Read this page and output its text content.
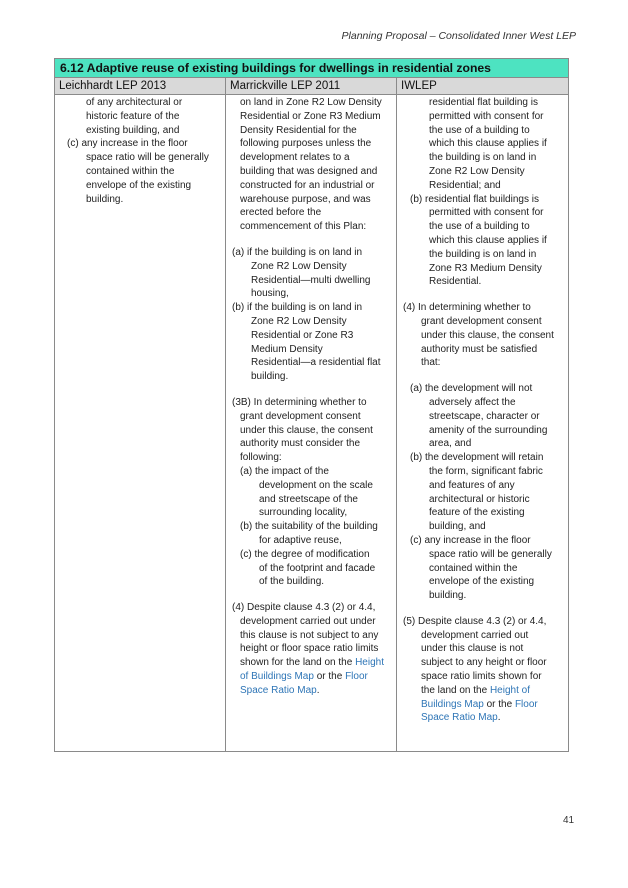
Planning Proposal – Consolidated Inner West LEP
6.12 Adaptive reuse of existing buildings for dwellings in residential zones
Leichhardt LEP 2013	Marrickville LEP 2011	IWLEP
of any architectural or
historic feature of the
existing building, and
(c) any increase in the floor
space ratio will be generally
contained within the
envelope of the existing
building.
on land in Zone R2 Low Density
Residential or Zone R3 Medium
Density Residential for the
following purposes unless the
development relates to a
building that was designed and
constructed for an industrial or
warehouse purpose, and was
erected before the
commencement of this Plan:
(a) if the building is on land in
Zone R2 Low Density
Residential—multi dwelling
housing,
(b) if the building is on land in
Zone R2 Low Density
Residential or Zone R3
Medium Density
Residential—a residential flat
building.
(3B) In determining whether to
grant development consent
under this clause, the consent
authority must consider the
following:
(a) the impact of the
development on the scale
and streetscape of the
surrounding locality,
(b) the suitability of the building
for adaptive reuse,
(c) the degree of modification
of the footprint and facade
of the building.
(4) Despite clause 4.3 (2) or 4.4,
development carried out under
this clause is not subject to any
height or floor space ratio limits
shown for the land on the Height
of Buildings Map or the Floor
Space Ratio Map.
residential flat building is
permitted with consent for
the use of a building to
which this clause applies if
the building is on land in
Zone R2 Low Density
Residential; and
(b) residential flat buildings is
permitted with consent for
the use of a building to
which this clause applies if
the building is on land in
Zone R3 Medium Density
Residential.
(4) In determining whether to
grant development consent
under this clause, the consent
authority must be satisfied
that:
(a) the development will not
adversely affect the
streetscape, character or
amenity of the surrounding
area, and
(b) the development will retain
the form, significant fabric
and features of any
architectural or historic
feature of the existing
building, and
(c) any increase in the floor
space ratio will be generally
contained within the
envelope of the existing
building.
(5) Despite clause 4.3 (2) or 4.4,
development carried out
under this clause is not
subject to any height or floor
space ratio limits shown for
the land on the Height of
Buildings Map or the Floor
Space Ratio Map.
41
